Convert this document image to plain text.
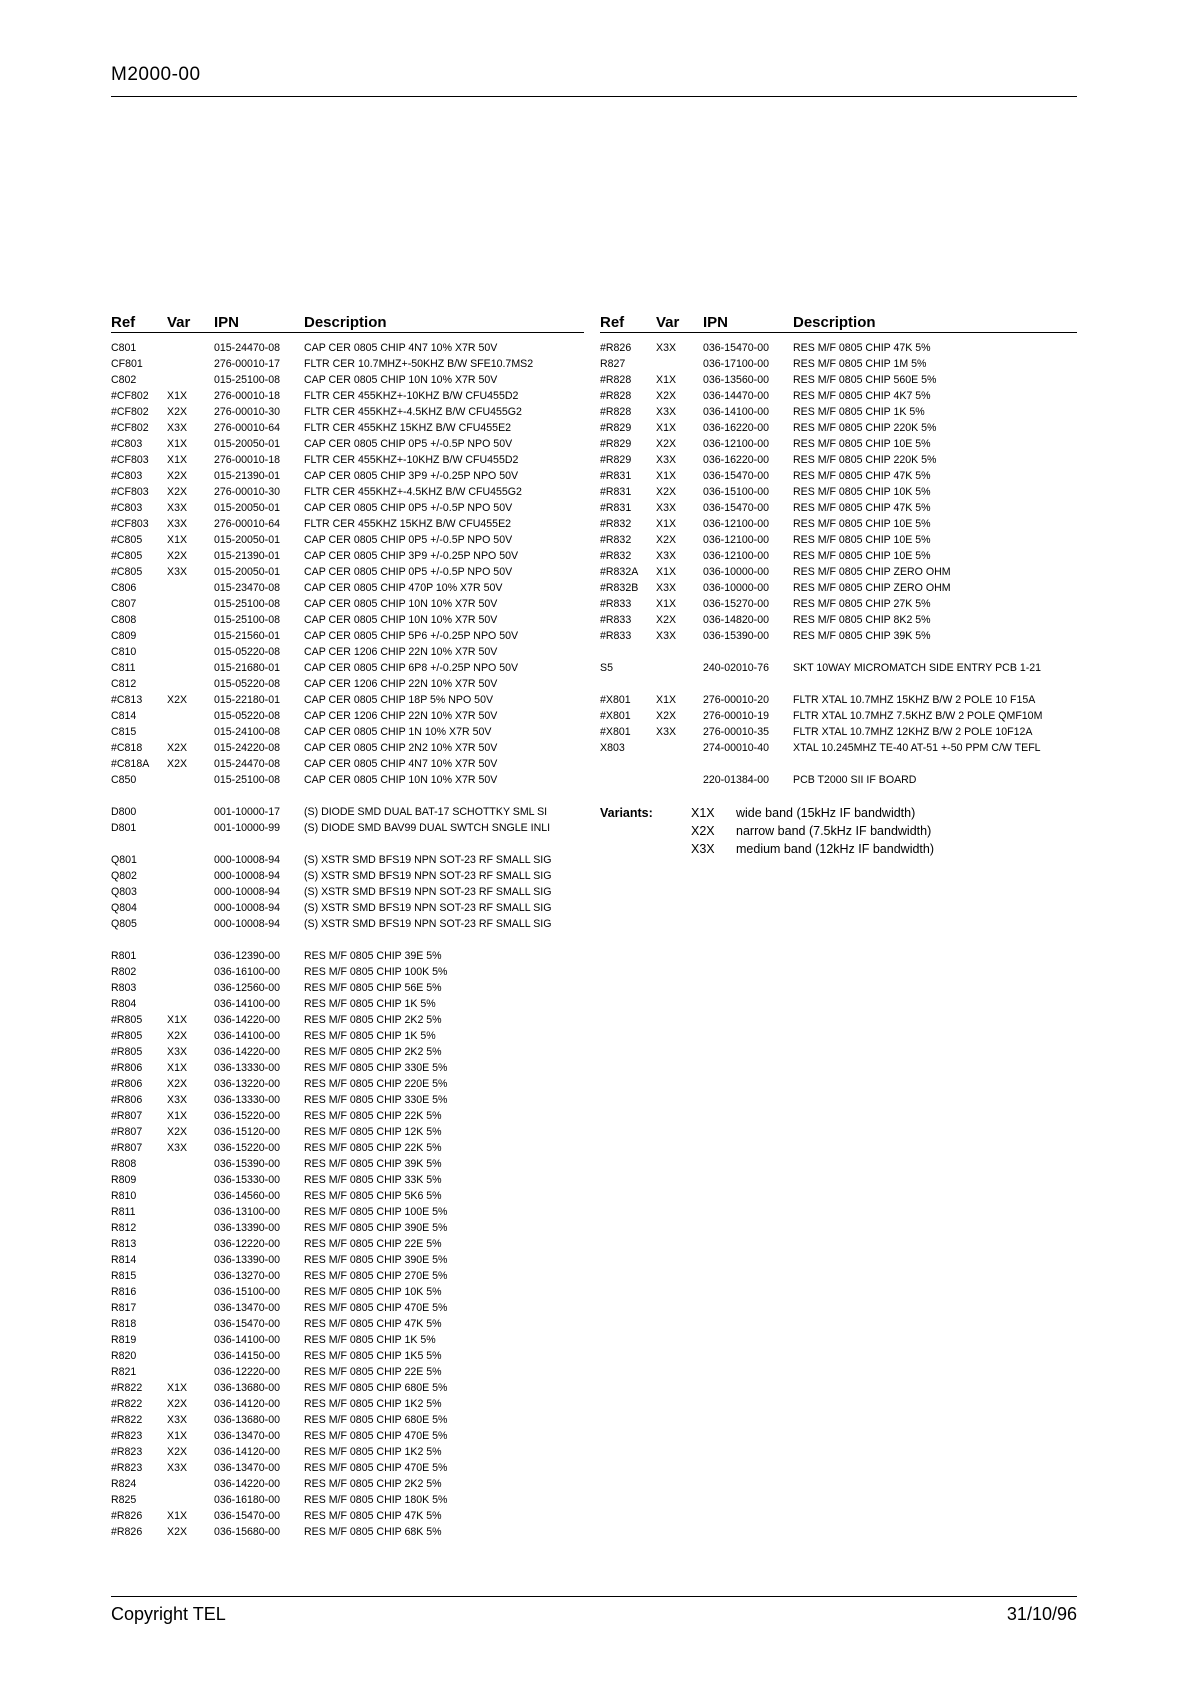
M2000-00
Ref Var IPN	Description
C801	015-24470-08 CAP CER 0805 CHIP 4N7 10% X7R 50V
CF801	276-00010-17 FLTR CER 10.7MHZ+-50KHZ B/W SFE10.7MS2
C802	015-25100-08 CAP CER 0805 CHIP 10N 10% X7R 50V
#CF802 X1X	276-00010-18 FLTR CER 455KHZ+-10KHZ B/W CFU455D2
#CF802 X2X	276-00010-30 FLTR CER 455KHZ+-4.5KHZ B/W CFU455G2
#CF802 X3X	276-00010-64 FLTR CER 455KHZ 15KHZ B/W CFU455E2
#C803 X1X	015-20050-01 CAP CER 0805 CHIP 0P5 +/-0.5P NPO 50V
#CF803 X1X	276-00010-18 FLTR CER 455KHZ+-10KHZ B/W CFU455D2
#C803 X2X	015-21390-01 CAP CER 0805 CHIP 3P9 +/-0.25P NPO 50V
#CF803 X2X	276-00010-30 FLTR CER 455KHZ+-4.5KHZ B/W CFU455G2
#C803 X3X	015-20050-01 CAP CER 0805 CHIP 0P5 +/-0.5P NPO 50V
#CF803 X3X	276-00010-64 FLTR CER 455KHZ 15KHZ B/W CFU455E2
#C805 X1X	015-20050-01 CAP CER 0805 CHIP 0P5 +/-0.5P NPO 50V
#C805 X2X	015-21390-01 CAP CER 0805 CHIP 3P9 +/-0.25P NPO 50V
#C805 X3X	015-20050-01 CAP CER 0805 CHIP 0P5 +/-0.5P NPO 50V
C806	015-23470-08 CAP CER 0805 CHIP 470P 10% X7R 50V
C807	015-25100-08 CAP CER 0805 CHIP 10N 10% X7R 50V
C808	015-25100-08 CAP CER 0805 CHIP 10N 10% X7R 50V
C809	015-21560-01 CAP CER 0805 CHIP 5P6 +/-0.25P NPO 50V
C810	015-05220-08 CAP CER 1206 CHIP 22N 10% X7R 50V
C811	015-21680-01 CAP CER 0805 CHIP 6P8 +/-0.25P NPO 50V
C812	015-05220-08 CAP CER 1206 CHIP 22N 10% X7R 50V
#C813 X2X	015-22180-01 CAP CER 0805 CHIP 18P 5% NPO 50V
C814	015-05220-08 CAP CER 1206 CHIP 22N 10% X7R 50V
C815	015-24100-08 CAP CER 0805 CHIP 1N 10% X7R 50V
#C818 X2X	015-24220-08 CAP CER 0805 CHIP 2N2 10% X7R 50V
#C818A X2X	015-24470-08 CAP CER 0805 CHIP 4N7 10% X7R 50V
C850	015-25100-08 CAP CER 0805 CHIP 10N 10% X7R 50V
D800	001-10000-17 (S) DIODE SMD DUAL BAT-17 SCHOTTKY SML SI
D801	001-10000-99 (S) DIODE SMD BAV99 DUAL SWTCH SNGLE INLI
Q801	000-10008-94 (S) XSTR SMD BFS19 NPN SOT-23 RF SMALL SIG
Q802	000-10008-94 (S) XSTR SMD BFS19 NPN SOT-23 RF SMALL SIG
Q803	000-10008-94 (S) XSTR SMD BFS19 NPN SOT-23 RF SMALL SIG
Q804	000-10008-94 (S) XSTR SMD BFS19 NPN SOT-23 RF SMALL SIG
Q805	000-10008-94 (S) XSTR SMD BFS19 NPN SOT-23 RF SMALL SIG
R801	036-12390-00 RES M/F 0805 CHIP 39E 5%
R802	036-16100-00 RES M/F 0805 CHIP 100K 5%
R803	036-12560-00 RES M/F 0805 CHIP 56E 5%
R804	036-14100-00 RES M/F 0805 CHIP 1K 5%
#R805 X1X	036-14220-00 RES M/F 0805 CHIP 2K2 5%
#R805 X2X	036-14100-00 RES M/F 0805 CHIP 1K 5%
#R805 X3X	036-14220-00 RES M/F 0805 CHIP 2K2 5%
#R806 X1X	036-13330-00 RES M/F 0805 CHIP 330E 5%
#R806 X2X	036-13220-00 RES M/F 0805 CHIP 220E 5%
#R806 X3X	036-13330-00 RES M/F 0805 CHIP 330E 5%
#R807 X1X	036-15220-00 RES M/F 0805 CHIP 22K 5%
#R807 X2X	036-15120-00 RES M/F 0805 CHIP 12K 5%
#R807 X3X	036-15220-00 RES M/F 0805 CHIP 22K 5%
R808	036-15390-00 RES M/F 0805 CHIP 39K 5%
R809	036-15330-00 RES M/F 0805 CHIP 33K 5%
R810	036-14560-00 RES M/F 0805 CHIP 5K6 5%
R811	036-13100-00 RES M/F 0805 CHIP 100E 5%
R812	036-13390-00 RES M/F 0805 CHIP 390E 5%
R813	036-12220-00 RES M/F 0805 CHIP 22E 5%
R814	036-13390-00 RES M/F 0805 CHIP 390E 5%
R815	036-13270-00 RES M/F 0805 CHIP 270E 5%
R816	036-15100-00 RES M/F 0805 CHIP 10K 5%
R817	036-13470-00 RES M/F 0805 CHIP 470E 5%
R818	036-15470-00 RES M/F 0805 CHIP 47K 5%
R819	036-14100-00 RES M/F 0805 CHIP 1K 5%
R820	036-14150-00 RES M/F 0805 CHIP 1K5 5%
R821	036-12220-00 RES M/F 0805 CHIP 22E 5%
#R822 X1X	036-13680-00 RES M/F 0805 CHIP 680E 5%
#R822 X2X	036-14120-00 RES M/F 0805 CHIP 1K2 5%
#R822 X3X	036-13680-00 RES M/F 0805 CHIP 680E 5%
#R823 X1X	036-13470-00 RES M/F 0805 CHIP 470E 5%
#R823 X2X	036-14120-00 RES M/F 0805 CHIP 1K2 5%
#R823 X3X	036-13470-00 RES M/F 0805 CHIP 470E 5%
R824	036-14220-00 RES M/F 0805 CHIP 2K2 5%
R825	036-16180-00 RES M/F 0805 CHIP 180K 5%
#R826 X1X	036-15470-00 RES M/F 0805 CHIP 47K 5%
#R826 X2X	036-15680-00 RES M/F 0805 CHIP 68K 5%
Ref Var IPN	Description
#R826 X3X	036-15470-00 RES M/F 0805 CHIP 47K 5%
R827	036-17100-00 RES M/F 0805 CHIP 1M 5%
#R828 X1X	036-13560-00 RES M/F 0805 CHIP 560E 5%
#R828 X2X	036-14470-00 RES M/F 0805 CHIP 4K7 5%
#R828 X3X	036-14100-00 RES M/F 0805 CHIP 1K 5%
#R829 X1X	036-16220-00 RES M/F 0805 CHIP 220K 5%
#R829 X2X	036-12100-00 RES M/F 0805 CHIP 10E 5%
#R829 X3X	036-16220-00 RES M/F 0805 CHIP 220K 5%
#R831 X1X	036-15470-00 RES M/F 0805 CHIP 47K 5%
#R831 X2X	036-15100-00 RES M/F 0805 CHIP 10K 5%
#R831 X3X	036-15470-00 RES M/F 0805 CHIP 47K 5%
#R832 X1X	036-12100-00 RES M/F 0805 CHIP 10E 5%
#R832 X2X	036-12100-00 RES M/F 0805 CHIP 10E 5%
#R832 X3X	036-12100-00 RES M/F 0805 CHIP 10E 5%
#R832A X1X	036-10000-00 RES M/F 0805 CHIP ZERO OHM
#R832B X3X	036-10000-00 RES M/F 0805 CHIP ZERO OHM
#R833 X1X	036-15270-00 RES M/F 0805 CHIP 27K 5%
#R833 X2X	036-14820-00 RES M/F 0805 CHIP 8K2 5%
#R833 X3X	036-15390-00 RES M/F 0805 CHIP 39K 5%
S5	240-02010-76 SKT 10WAY MICROMATCH SIDE ENTRY PCB 1-21
#X801 X1X	276-00010-20 FLTR XTAL 10.7MHZ 15KHZ B/W 2 POLE 10 F15A
#X801 X2X	276-00010-19 FLTR XTAL 10.7MHZ 7.5KHZ B/W 2 POLE QMF10M
#X801 X3X	276-00010-35 FLTR XTAL 10.7MHZ 12KHZ B/W 2 POLE 10F12A
X803	274-00010-40 XTAL 10.245MHZ TE-40 AT-51 +-50 PPM C/W TEFL
220-01384-00 PCB T2000 SII IF BOARD
Variants:	X1X wide band (15kHz IF bandwidth)
X2X narrow band (7.5kHz IF bandwidth)
X3X medium band (12kHz IF bandwidth)
Copyright TEL	31/10/96
